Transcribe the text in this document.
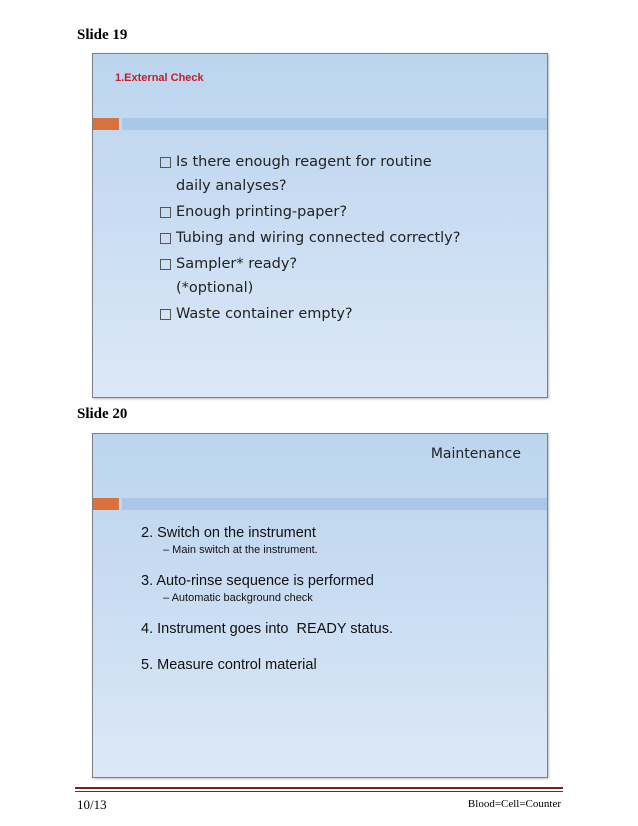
Slide 19
1.External Check
Is there enough reagent for routine
daily analyses?
Enough printing-paper?
Tubing and wiring connected correctly?
Sampler* ready?
(*optional)
Waste container empty?
Slide 20
Maintenance
2. Switch on the instrument
– Main switch at the instrument.
3. Auto-rinse sequence is performed
– Automatic background check
4. Instrument goes into  READY status.
5. Measure control material
10/13	Blood=Cell=Counter
